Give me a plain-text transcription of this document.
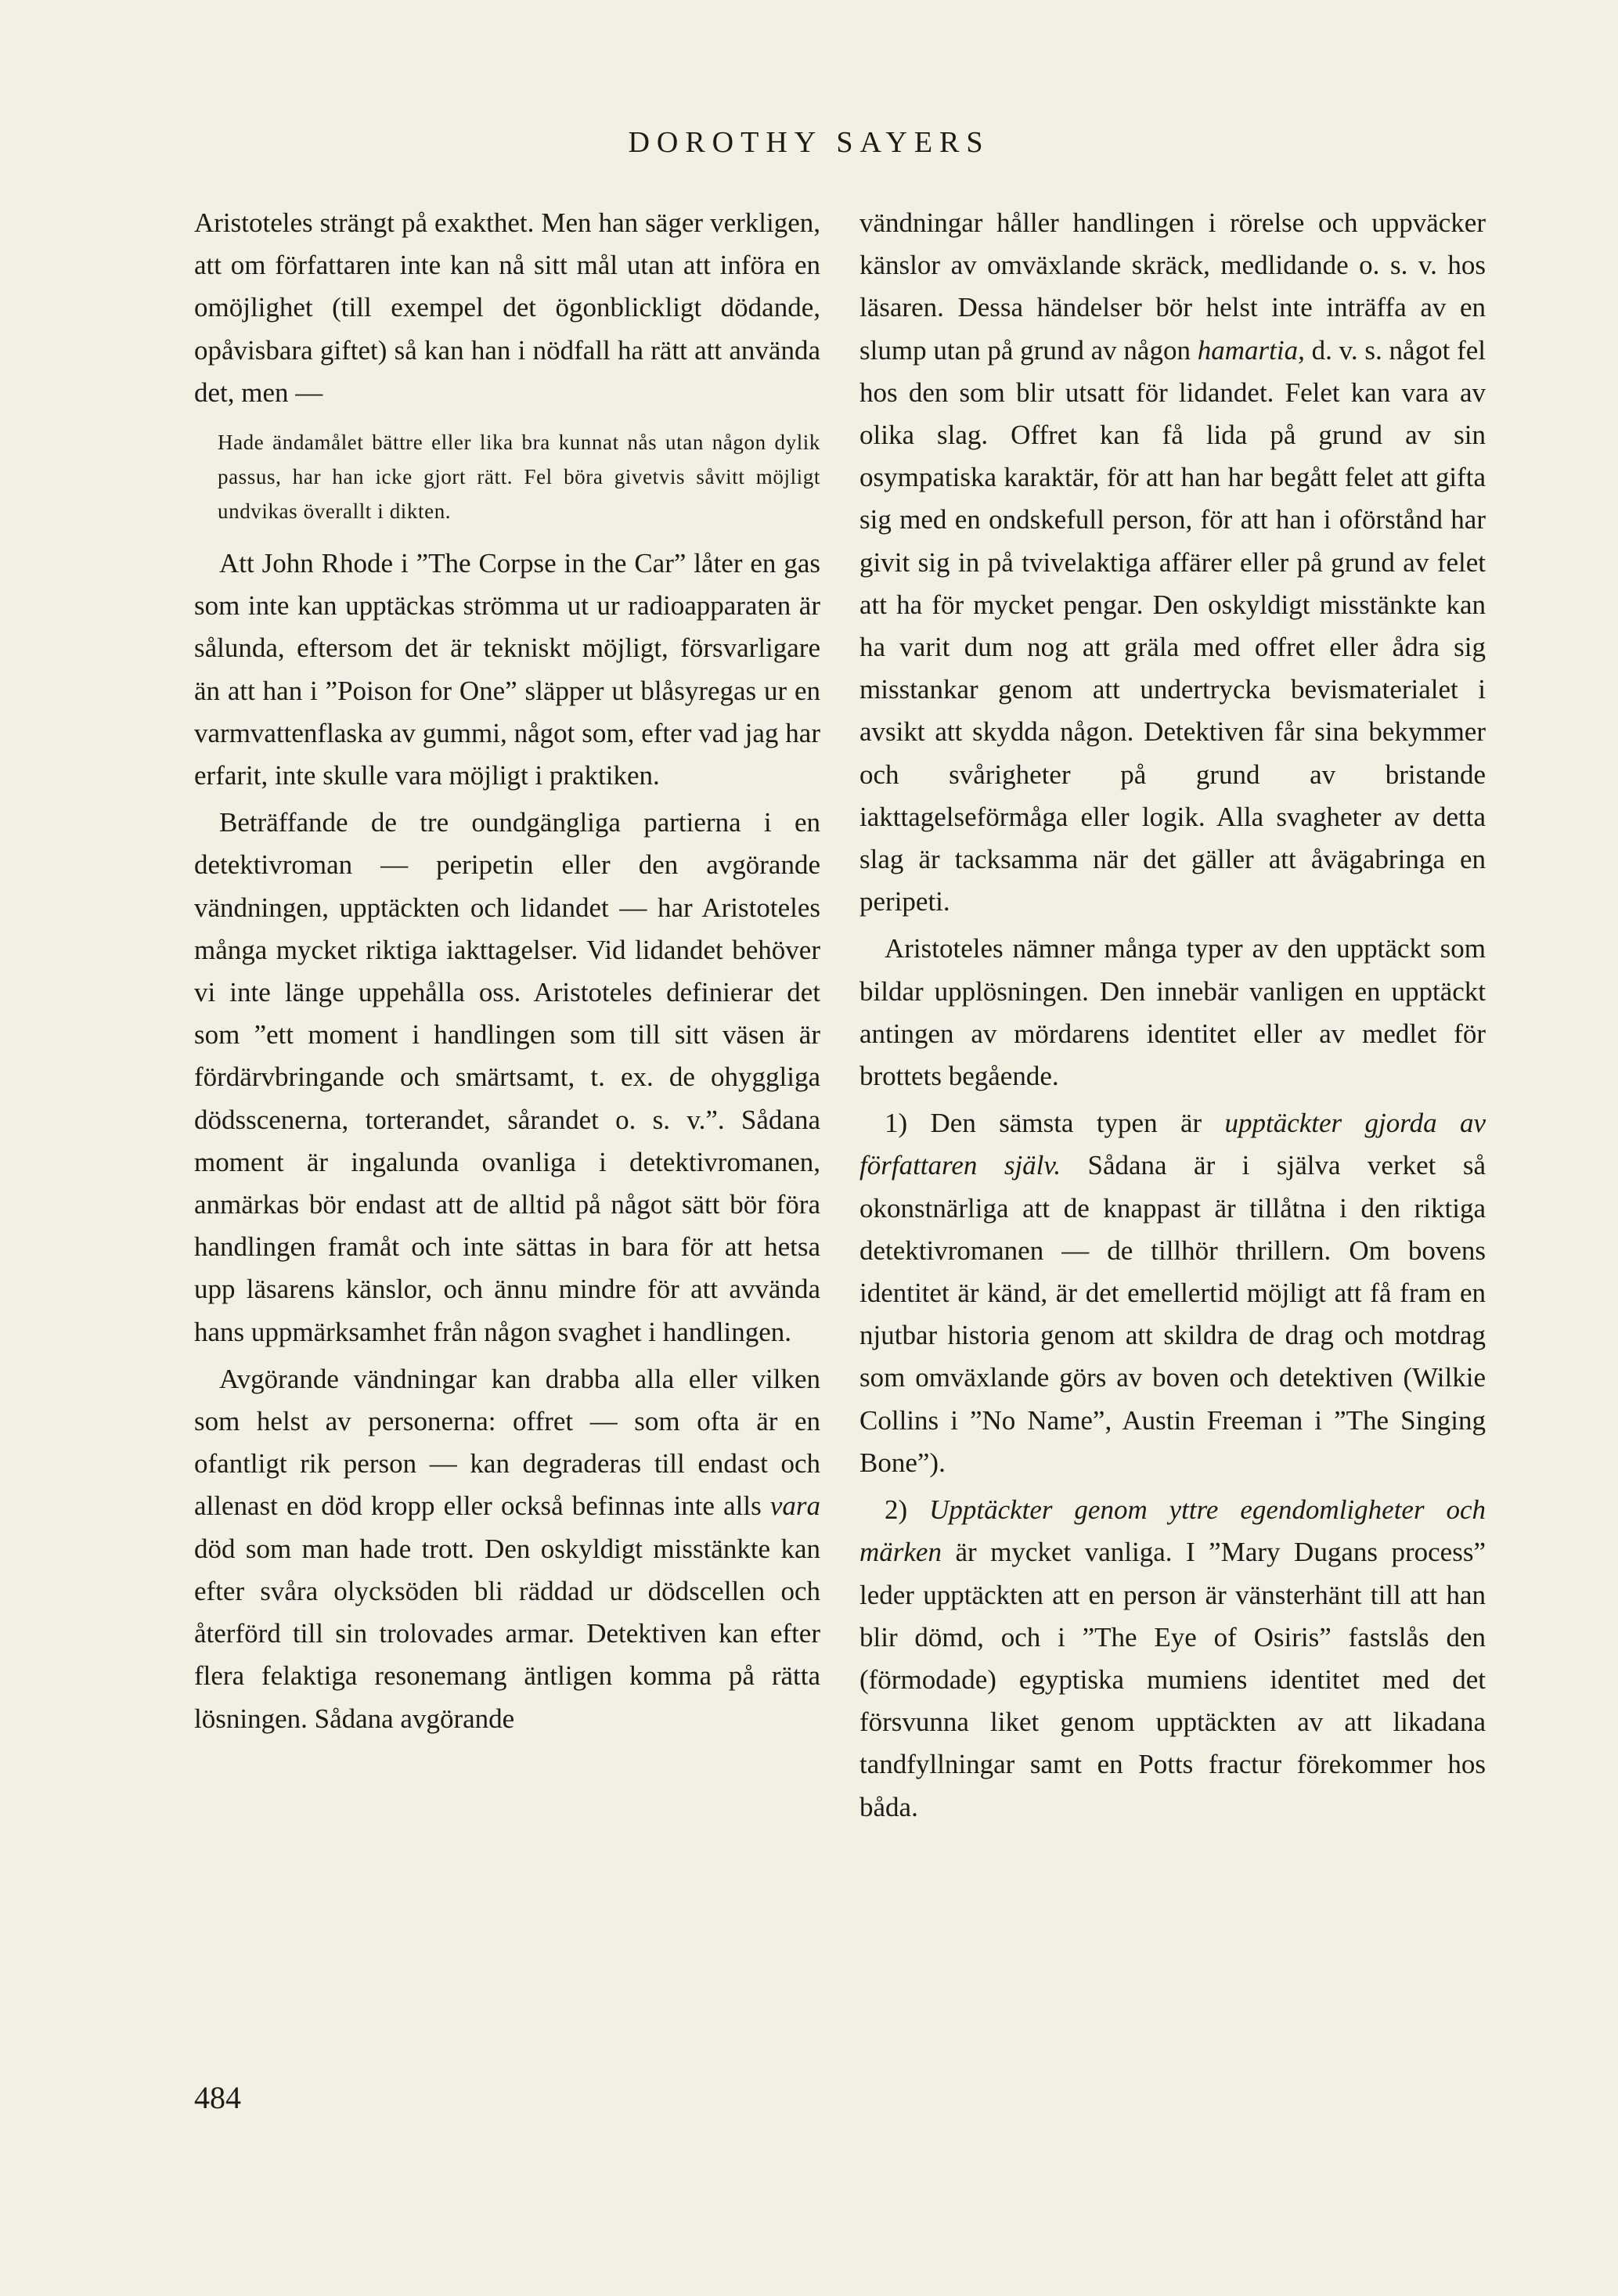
DOROTHY SAYERS

Aristoteles strängt på exakthet. Men han säger verkligen, att om författaren inte kan nå sitt mål utan att införa en omöjlighet (till exempel det ögonblickligt dödande, opåvisbara giftet) så kan han i nödfall ha rätt att använda det, men —

Hade ändamålet bättre eller lika bra kunnat nås utan någon dylik passus, har han icke gjort rätt. Fel böra givetvis såvitt möjligt undvikas överallt i dikten.

Att John Rhode i ”The Corpse in the Car” låter en gas som inte kan upptäckas strömma ut ur radioapparaten är sålunda, eftersom det är tekniskt möjligt, försvarligare än att han i ”Poison for One” släpper ut blåsyregas ur en varmvattenflaska av gummi, något som, efter vad jag har erfarit, inte skulle vara möjligt i praktiken.

Beträffande de tre oundgängliga partierna i en detektivroman — peripetin eller den avgörande vändningen, upptäckten och lidandet — har Aristoteles många mycket riktiga iakttagelser. Vid lidandet behöver vi inte länge uppehålla oss. Aristoteles definierar det som ”ett moment i handlingen som till sitt väsen är fördärvbringande och smärtsamt, t. ex. de ohyggliga dödsscenerna, torterandet, sårandet o. s. v.”. Sådana moment är ingalunda ovanliga i detektivromanen, anmärkas bör endast att de alltid på något sätt bör föra handlingen framåt och inte sättas in bara för att hetsa upp läsarens känslor, och ännu mindre för att avvända hans uppmärksamhet från någon svaghet i handlingen.

Avgörande vändningar kan drabba alla eller vilken som helst av personerna: offret — som ofta är en ofantligt rik person — kan degraderas till endast och allenast en död kropp eller också befinnas inte alls vara död som man hade trott. Den oskyldigt misstänkte kan efter svåra olycksöden bli räddad ur dödscellen och återförd till sin trolovades armar. Detektiven kan efter flera felaktiga resonemang äntligen komma på rätta lösningen. Sådana avgörande

vändningar håller handlingen i rörelse och uppväcker känslor av omväxlande skräck, medlidande o. s. v. hos läsaren. Dessa händelser bör helst inte inträffa av en slump utan på grund av någon hamartia, d. v. s. något fel hos den som blir utsatt för lidandet. Felet kan vara av olika slag. Offret kan få lida på grund av sin osympatiska karaktär, för att han har begått felet att gifta sig med en ondskefull person, för att han i oförstånd har givit sig in på tvivelaktiga affärer eller på grund av felet att ha för mycket pengar. Den oskyldigt misstänkte kan ha varit dum nog att gräla med offret eller ådra sig misstankar genom att undertrycka bevismaterialet i avsikt att skydda någon. Detektiven får sina bekymmer och svårigheter på grund av bristande iakttagelseförmåga eller logik. Alla svagheter av detta slag är tacksamma när det gäller att åvägabringa en peripeti.

Aristoteles nämner många typer av den upptäckt som bildar upplösningen. Den innebär vanligen en upptäckt antingen av mördarens identitet eller av medlet för brottets begående.

1) Den sämsta typen är upptäckter gjorda av författaren själv. Sådana är i själva verket så okonstnärliga att de knappast är tillåtna i den riktiga detektivromanen — de tillhör thrillern. Om bovens identitet är känd, är det emellertid möjligt att få fram en njutbar historia genom att skildra de drag och motdrag som omväxlande görs av boven och detektiven (Wilkie Collins i ”No Name”, Austin Freeman i ”The Singing Bone”).

2) Upptäckter genom yttre egendomligheter och märken är mycket vanliga. I ”Mary Dugans process” leder upptäckten att en person är vänsterhänt till att han blir dömd, och i ”The Eye of Osiris” fastslås den (förmodade) egyptiska mumiens identitet med det försvunna liket genom upptäckten av att likadana tandfyllningar samt en Potts fractur förekommer hos båda.

484
